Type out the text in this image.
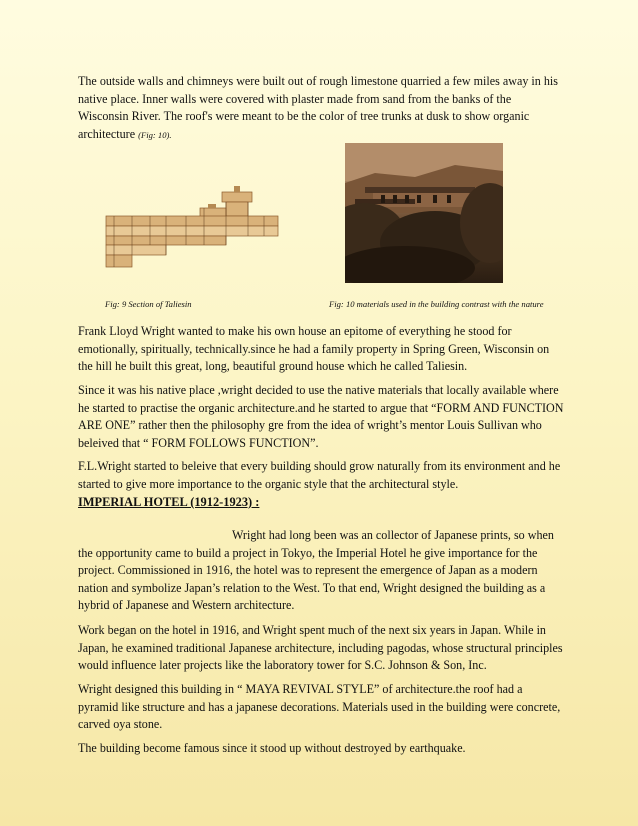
The outside walls and chimneys were built out of rough limestone quarried a few miles away in his native place. Inner walls were covered with plaster made from sand from the banks of the Wisconsin River. The roof's were meant to be the color of tree trunks at dusk to show organic architecture (Fig: 10).

Fig: 9 Section of Taliesin	Fig: 10 materials used in the building contrast with the nature

Frank Lloyd Wright wanted to make his own house an epitome of everything he stood for emotionally, spiritually, technically.since he had a family property in Spring Green, Wisconsin on the hill he built this great, long, beautiful ground house which he called Taliesin.

Since it was his native place ,wright decided to use the native materials that locally available where he started to practise the organic architecture.and he started to argue that “FORM AND FUNCTION ARE ONE” rather then the philosophy gre from the idea of wright’s mentor Louis Sullivan who beleived that “ FORM FOLLOWS FUNCTION”.

F.L.Wright started to beleive that every building should grow naturally from its environment and he started to give more importance to the organic style that the architectural style.

IMPERIAL HOTEL (1912-1923) :

Wright had long been was an collector of Japanese prints, so when the opportunity came to build a project in Tokyo, the Imperial Hotel he give importance for the project. Commissioned in 1916, the hotel was to represent the emergence of Japan as a modern nation and symbolize Japan’s relation to the West. To that end, Wright designed the building as a hybrid of Japanese and Western architecture.

Work began on the hotel in 1916, and Wright spent much of the next six years in Japan. While in Japan, he examined traditional Japanese architecture, including pagodas, whose structural principles would influence later projects like the laboratory tower for S.C. Johnson & Son, Inc.

Wright designed this building in “ MAYA REVIVAL STYLE” of architecture.the roof had a pyramid like structure and has a japanese decorations. Materials used in the building were concrete, carved oya stone.

The building become famous since it stood up without destroyed by earthquake.
